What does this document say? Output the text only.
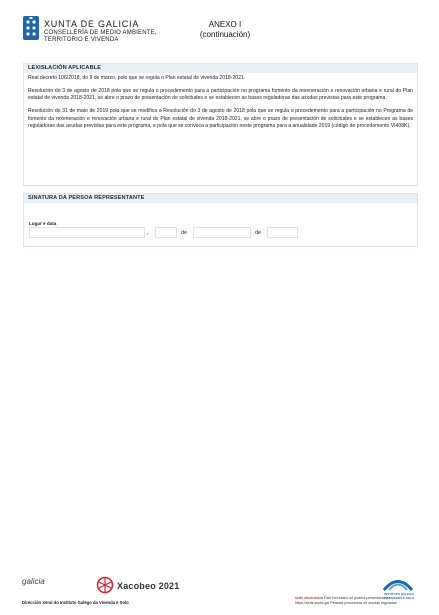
XUNTA DE GALICIA
CONSELLERÍA DE MEDIO AMBIENTE,
TERRITORIO E VIVENDA
ANEXO I
(continuación)
LEXISLACIÓN APLICABLE

Real decreto 106/2018, do 9 de marzo, polo que se regula o Plan estatal de vivenda 2018-2021.

Resolución do 3 de agosto de 2018 pola que se regula o procedemento para a participación no programa fomento da rexeneración e renovación urbana e rural do Plan estatal de vivenda 2018-2021, se abre o prazo de presentación de solicitudes e se establecen as bases reguladoras das axudas previstas para este programa.

Resolución do 31 de maio de 2019 pola que se modifica a Resolución do 3 de agosto de 2018 pola que se regula o procedemento para a participación no Programa de fomento da rexeneración e renovación urbana e rural do Plan estatal de vivenda 2018-2021, se abre o prazo de presentación de solicitudes e se establecen as bases reguladoras das axudas previstas para este programa, e pola que se convoca a participación neste programa para a anualidade 2019 (código de procedemento VI408K).

SINATURA DA PERSOA REPRESENTANTE
Lugar e data
,	de	de
galicia	Xacobeo 2021
Dirección Xeral do Instituto Galego da Vivenda e Solo
sede electrónica Este formulario só poderá presentarse na
https://sede.xunta.gal Persoas provedoras de axudas reguladas
INSTITUTO GALEGO
DA VIVENDA E SOLO
